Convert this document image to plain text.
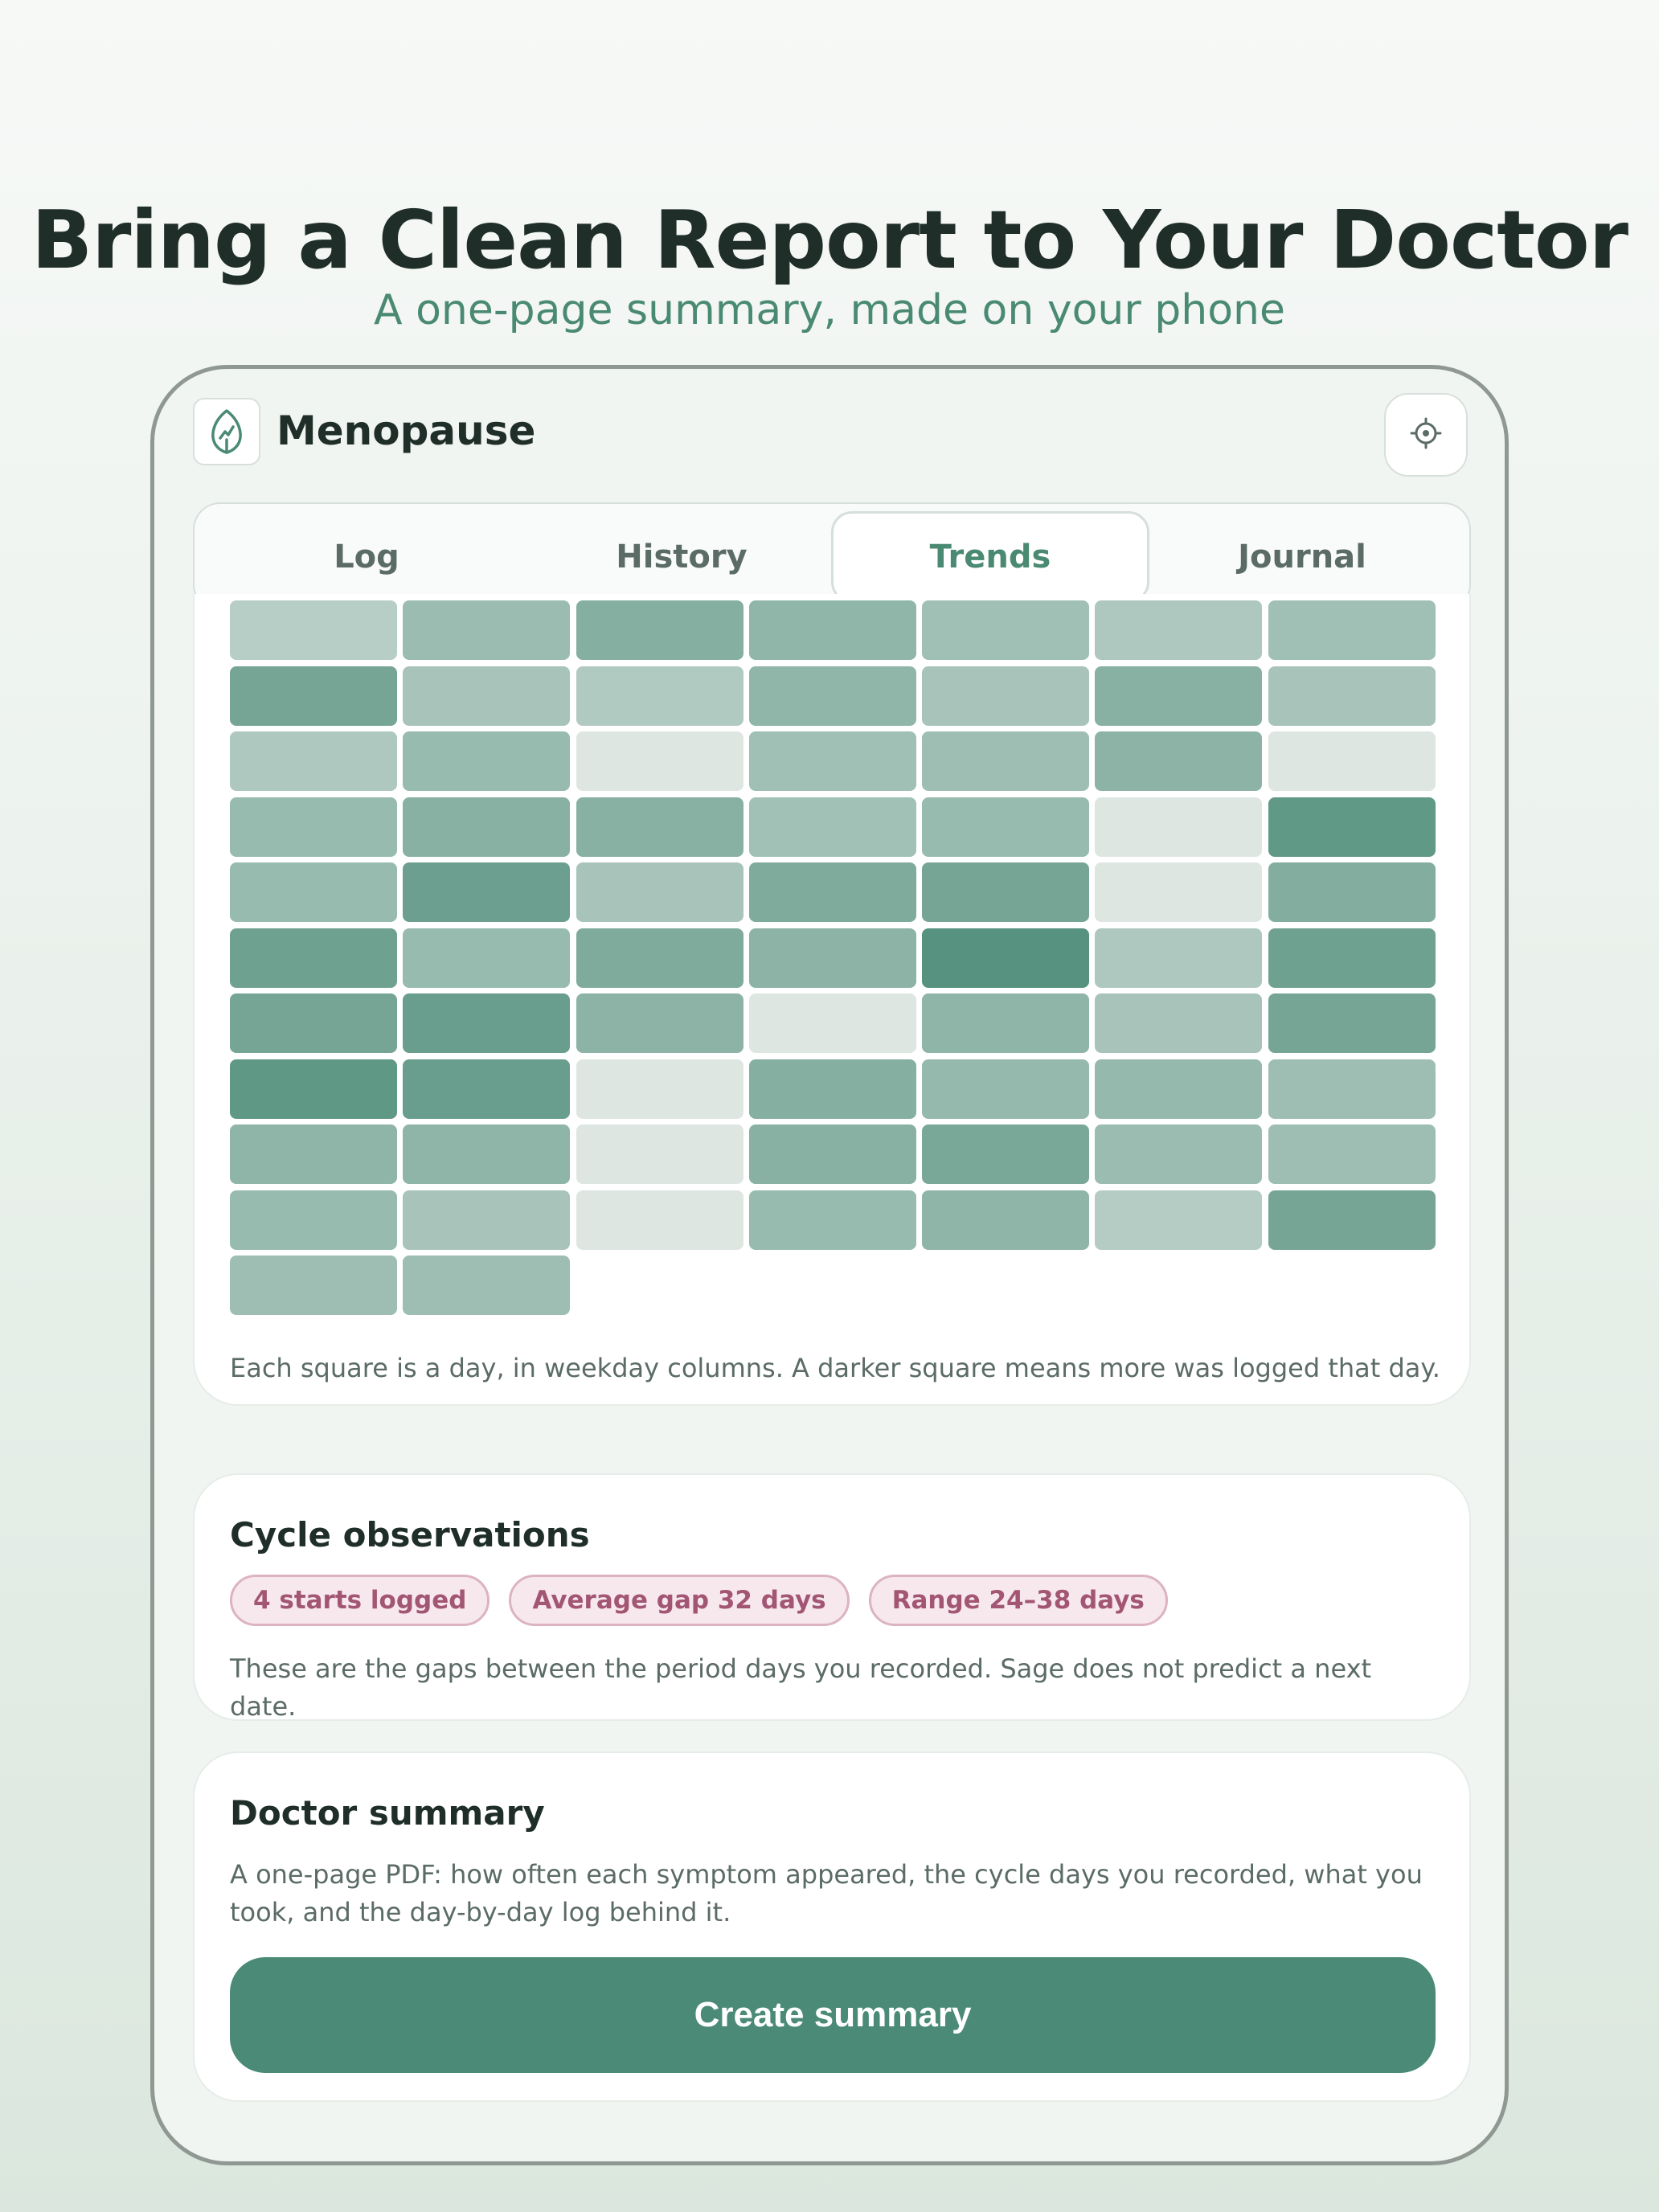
Bring a Clean Report to Your Doctor
A one-page summary, made on your phone
Menopause
Log	History	Trends	Journal
Each square is a day, in weekday columns. A darker square means more was logged that day.
Cycle observations
4 starts logged	Average gap 32 days	Range 24–38 days
These are the gaps between the period days you recorded. Sage does not predict a next date.
Doctor summary
A one-page PDF: how often each symptom appeared, the cycle days you recorded, what you took, and the day-by-day log behind it.
Create summary
